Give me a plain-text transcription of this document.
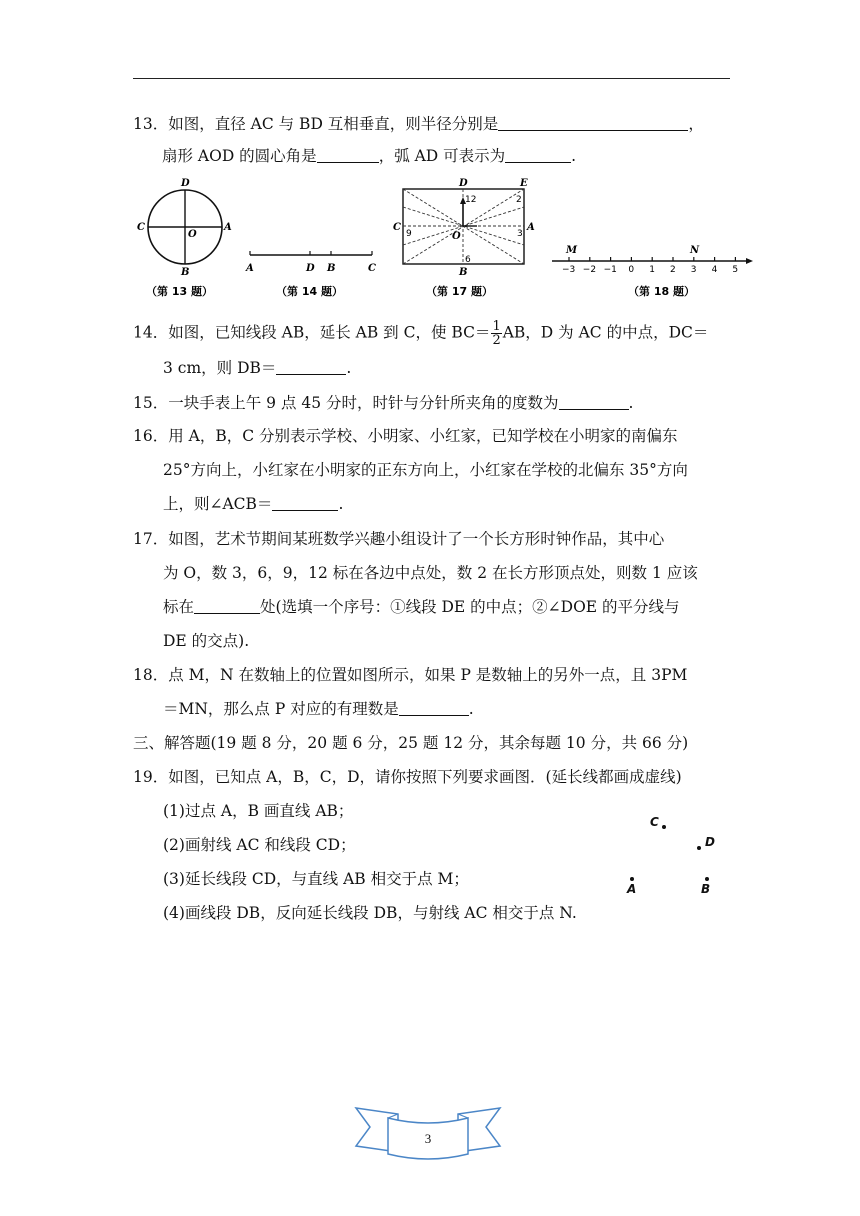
13．如图，直径 AC 与 BD 互相垂直，则半径分别是	，
扇形 AOD 的圆心角是	，弧 AD 可表示为	.
D
C
O
A
B
（第 13 题）
A	D B	C
（第 14 题）
D	E
C
O
A
B
12	2
9	3
6
（第 17 题）
M	N
（第 18 题）
−3 −2 −1 0 1 2 3 4 5
14．如图，已知线段 AB，延长 AB 到 C，使 $BC= \frac{1}{2}$ AB，D 为 AC 的中点，DC＝
3 cm，则 DB＝	.
15．一块手表上午 9 点 45 分时，时针与分针所夹角的度数为	.
16．用 A，B，C 分别表示学校、小明家、小红家，已知学校在小明家的南偏东
25°方向上，小红家在小明家的正东方向上，小红家在学校的北偏东 35°方向
上，则∠ACB＝	.
17．如图，艺术节期间某班数学兴趣小组设计了一个长方形时钟作品，其中心
为 O，数 3，6，9，12 标在各边中点处，数 2 在长方形顶点处，则数 1 应该
标在	处(选填一个序号：①线段 DE 的中点；②∠DOE 的平分线与
DE 的交点).
18．点 M，N 在数轴上的位置如图所示，如果 P 是数轴上的另外一点，且 3PM
＝MN，那么点 P 对应的有理数是	.
三、解答题(19 题 8 分，20 题 6 分，25 题 12 分，其余每题 10 分，共 66 分)
19．如图，已知点 A，B，C，D，请你按照下列要求画图．(延长线都画成虚线)
(1)过点 A，B 画直线 AB；
(2)画射线 AC 和线段 CD；
(3)延长线段 CD，与直线 AB 相交于点 M；
(4)画线段 DB，反向延长线段 DB，与射线 AC 相交于点 N.
C
D
A	B
3
